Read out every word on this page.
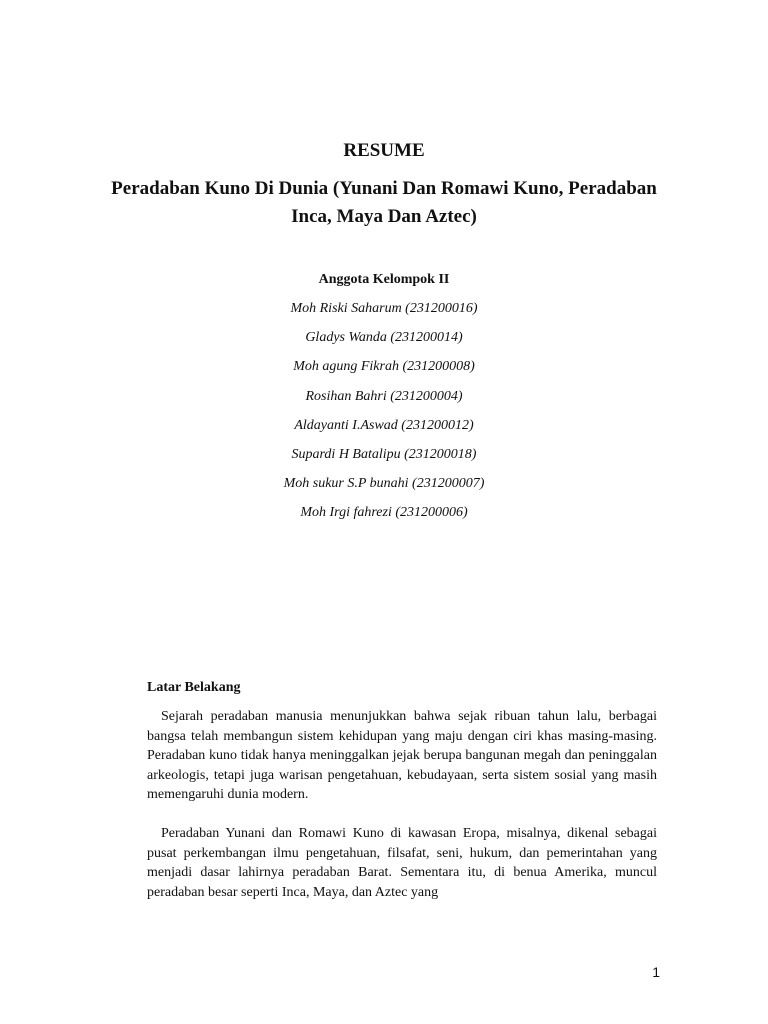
RESUME
Peradaban Kuno Di Dunia (Yunani Dan Romawi Kuno, Peradaban Inca, Maya Dan Aztec)
Anggota Kelompok II
Moh Riski Saharum (231200016)
Gladys Wanda (231200014)
Moh agung Fikrah (231200008)
Rosihan Bahri (231200004)
Aldayanti I.Aswad (231200012)
Supardi H Batalipu (231200018)
Moh sukur S.P bunahi (231200007)
Moh Irgi fahrezi (231200006)
Latar Belakang

Sejarah peradaban manusia menunjukkan bahwa sejak ribuan tahun lalu, berbagai bangsa telah membangun sistem kehidupan yang maju dengan ciri khas masing-masing. Peradaban kuno tidak hanya meninggalkan jejak berupa bangunan megah dan peninggalan arkeologis, tetapi juga warisan pengetahuan, kebudayaan, serta sistem sosial yang masih memengaruhi dunia modern.

Peradaban Yunani dan Romawi Kuno di kawasan Eropa, misalnya, dikenal sebagai pusat perkembangan ilmu pengetahuan, filsafat, seni, hukum, dan pemerintahan yang menjadi dasar lahirnya peradaban Barat. Sementara itu, di benua Amerika, muncul peradaban besar seperti Inca, Maya, dan Aztec yang

1
